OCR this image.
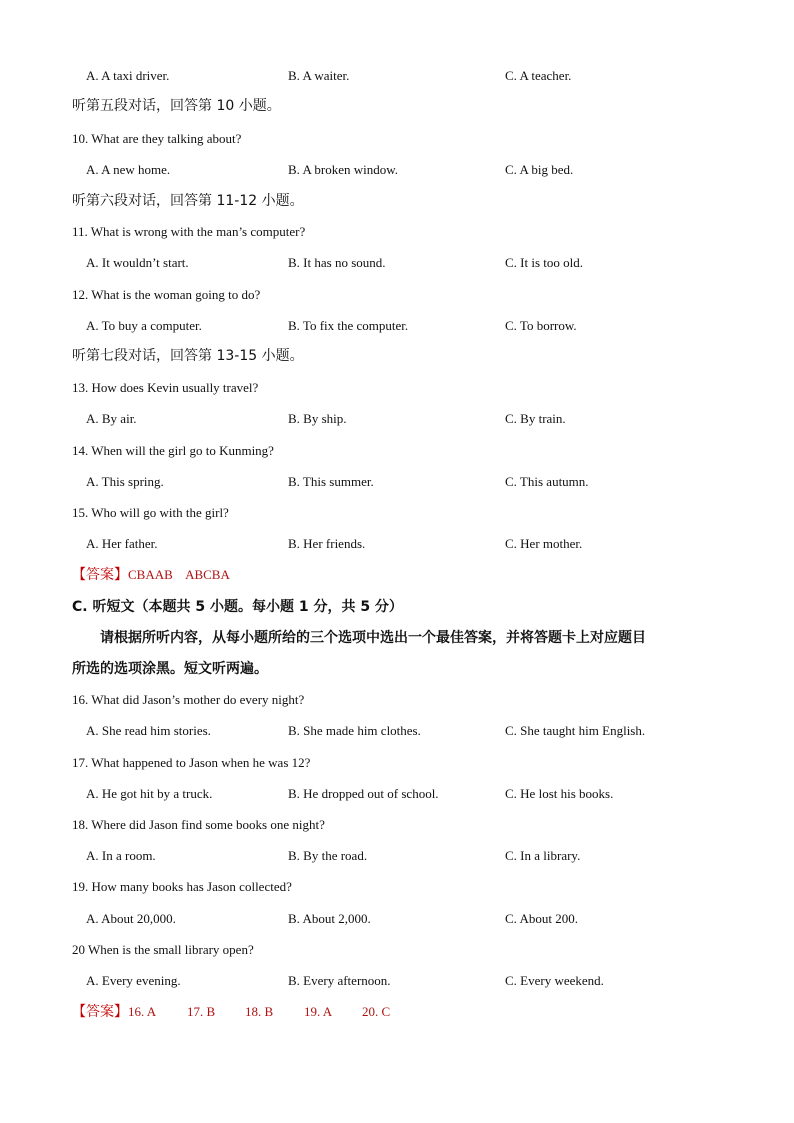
A. A taxi driver.	B. A waiter.	C. A teacher.
听第五段对话，回答第 10 小题。
10. What are they talking about?
A. A new home.	B. A broken window.	C. A big bed.
听第六段对话，回答第 11-12 小题。
11. What is wrong with the man’s computer?
A. It wouldn’t start.	B. It has no sound.	C. It is too old.
12. What is the woman going to do?
A. To buy a computer.	B. To fix the computer.	C. To borrow.
听第七段对话，回答第 13-15 小题。
13. How does Kevin usually travel?
A. By air.	B. By ship.	C. By train.
14. When will the girl go to Kunming?
A. This spring.	B. This summer.	C. This autumn.
15. Who will go with the girl?
A. Her father.	B. Her friends.	C. Her mother.
【答案】CBAAB    ABCBA
C. 听短文（本题共 5 小题。每小题 1 分，共 5 分）
请根据所听内容，从每小题所给的三个选项中选出一个最佳答案，并将答题卡上对应题目
所选的选项涂黑。短文听两遍。
16. What did Jason’s mother do every night?
A. She read him stories.	B. She made him clothes.	C. She taught him English.
17. What happened to Jason when he was 12?
A. He got hit by a truck.	B. He dropped out of school.	C. He lost his books.
18. Where did Jason find some books one night?
A. In a room.	B. By the road.	C. In a library.
19. How many books has Jason collected?
A. About 20,000.	B. About 2,000.	C. About 200.
20 When is the small library open?
A. Every evening.	B. Every afternoon.	C. Every weekend.
【答案】16. A 17. B 18. B 19. A 20. C
